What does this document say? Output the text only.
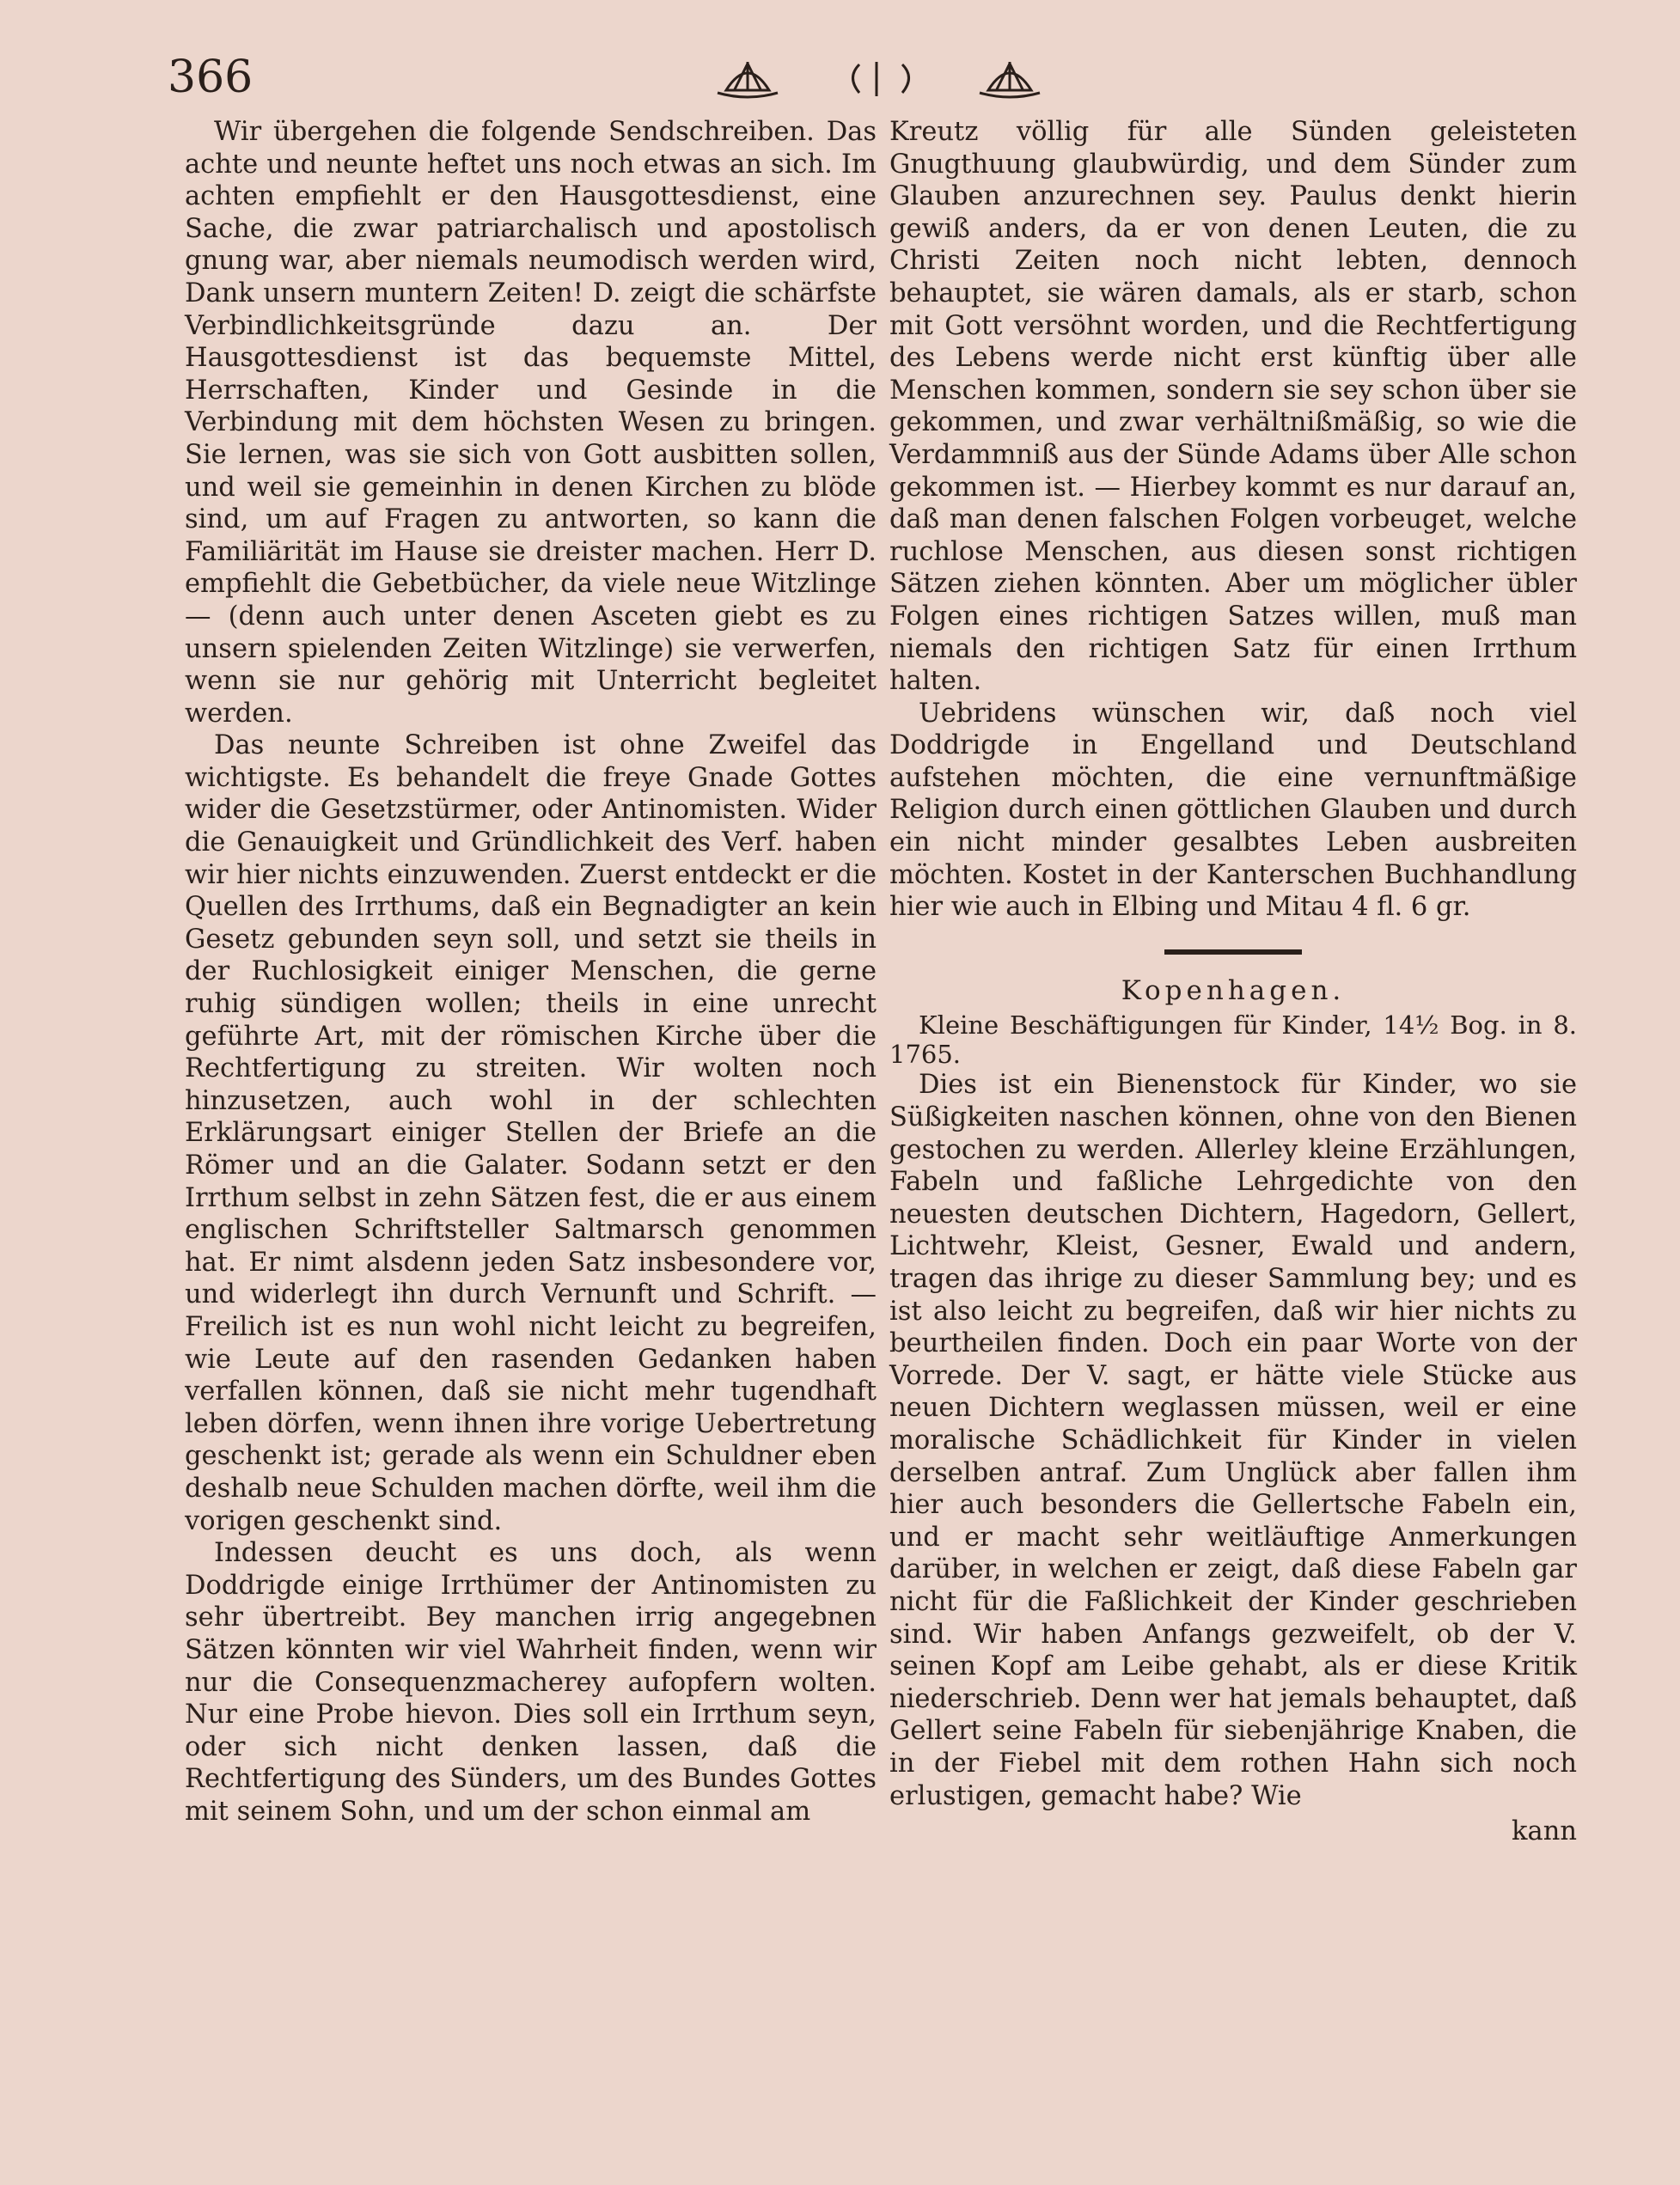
366

Wir übergehen die folgende Sendschreiben. Das achte und neunte heftet uns noch etwas an sich. Im achten empfiehlt er den Hausgottesdienst, eine Sache, die zwar patriarchalisch und apostolisch gnung war, aber niemals neumodisch werden wird, Dank unsern muntern Zeiten! D. zeigt die schärfste Verbindlichkeitsgründe dazu an. Der Hausgottesdienst ist das bequemste Mittel, Herrschaften, Kinder und Gesinde in die Verbindung mit dem höchsten Wesen zu bringen. Sie lernen, was sie sich von Gott ausbitten sollen, und weil sie gemeinhin in denen Kirchen zu blöde sind, um auf Fragen zu antworten, so kann die Familiärität im Hause sie dreister machen. Herr D. empfiehlt die Gebetbücher, da viele neue Witzlinge — (denn auch unter denen Asceten giebt es zu unsern spielenden Zeiten Witzlinge) sie verwerfen, wenn sie nur gehörig mit Unterricht begleitet werden.

Das neunte Schreiben ist ohne Zweifel das wichtigste. Es behandelt die freye Gnade Gottes wider die Gesetzstürmer, oder Antinomisten. Wider die Genauigkeit und Gründlichkeit des Verf. haben wir hier nichts einzuwenden. Zuerst entdeckt er die Quellen des Irrthums, daß ein Begnadigter an kein Gesetz gebunden seyn soll, und setzt sie theils in der Ruchlosigkeit einiger Menschen, die gerne ruhig sündigen wollen; theils in eine unrecht geführte Art, mit der römischen Kirche über die Rechtfertigung zu streiten. Wir wolten noch hinzusetzen, auch wohl in der schlechten Erklärungsart einiger Stellen der Briefe an die Römer und an die Galater. Sodann setzt er den Irrthum selbst in zehn Sätzen fest, die er aus einem englischen Schriftsteller Saltmarsch genommen hat. Er nimt alsdenn jeden Satz insbesondere vor, und widerlegt ihn durch Vernunft und Schrift. — Freilich ist es nun wohl nicht leicht zu begreifen, wie Leute auf den rasenden Gedanken haben verfallen können, daß sie nicht mehr tugendhaft leben dörfen, wenn ihnen ihre vorige Uebertretung geschenkt ist; gerade als wenn ein Schuldner eben deshalb neue Schulden machen dörfte, weil ihm die vorigen geschenkt sind.

Indessen deucht es uns doch, als wenn Doddrigde einige Irrthümer der Antinomisten zu sehr übertreibt. Bey manchen irrig angegebnen Sätzen könnten wir viel Wahrheit finden, wenn wir nur die Consequenzmacherey aufopfern wolten. Nur eine Probe hievon. Dies soll ein Irrthum seyn, oder sich nicht denken lassen, daß die Rechtfertigung des Sünders, um des Bundes Gottes mit seinem Sohn, und um der schon einmal am

Kreutz völlig für alle Sünden geleisteten Gnugthuung glaubwürdig, und dem Sünder zum Glauben anzurechnen sey. Paulus denkt hierin gewiß anders, da er von denen Leuten, die zu Christi Zeiten noch nicht lebten, dennoch behauptet, sie wären damals, als er starb, schon mit Gott versöhnt worden, und die Rechtfertigung des Lebens werde nicht erst künftig über alle Menschen kommen, sondern sie sey schon über sie gekommen, und zwar verhältnißmäßig, so wie die Verdammniß aus der Sünde Adams über Alle schon gekommen ist. — Hierbey kommt es nur darauf an, daß man denen falschen Folgen vorbeuget, welche ruchlose Menschen, aus diesen sonst richtigen Sätzen ziehen könnten. Aber um möglicher übler Folgen eines richtigen Satzes willen, muß man niemals den richtigen Satz für einen Irrthum halten.

Uebridens wünschen wir, daß noch viel Doddrigde in Engelland und Deutschland aufstehen möchten, die eine vernunftmäßige Religion durch einen göttlichen Glauben und durch ein nicht minder gesalbtes Leben ausbreiten möchten. Kostet in der Kanterschen Buchhandlung hier wie auch in Elbing und Mitau 4 fl. 6 gr.

Kopenhagen.

Kleine Beschäftigungen für Kinder, 14½ Bog. in 8. 1765.

Dies ist ein Bienenstock für Kinder, wo sie Süßigkeiten naschen können, ohne von den Bienen gestochen zu werden. Allerley kleine Erzählungen, Fabeln und faßliche Lehrgedichte von den neuesten deutschen Dichtern, Hagedorn, Gellert, Lichtwehr, Kleist, Gesner, Ewald und andern, tragen das ihrige zu dieser Sammlung bey; und es ist also leicht zu begreifen, daß wir hier nichts zu beurtheilen finden. Doch ein paar Worte von der Vorrede. Der V. sagt, er hätte viele Stücke aus neuen Dichtern weglassen müssen, weil er eine moralische Schädlichkeit für Kinder in vielen derselben antraf. Zum Unglück aber fallen ihm hier auch besonders die Gellertsche Fabeln ein, und er macht sehr weitläuftige Anmerkungen darüber, in welchen er zeigt, daß diese Fabeln gar nicht für die Faßlichkeit der Kinder geschrieben sind. Wir haben Anfangs gezweifelt, ob der V. seinen Kopf am Leibe gehabt, als er diese Kritik niederschrieb. Denn wer hat jemals behauptet, daß Gellert seine Fabeln für siebenjährige Knaben, die in der Fiebel mit dem rothen Hahn sich noch erlustigen, gemacht habe? Wie

kann
